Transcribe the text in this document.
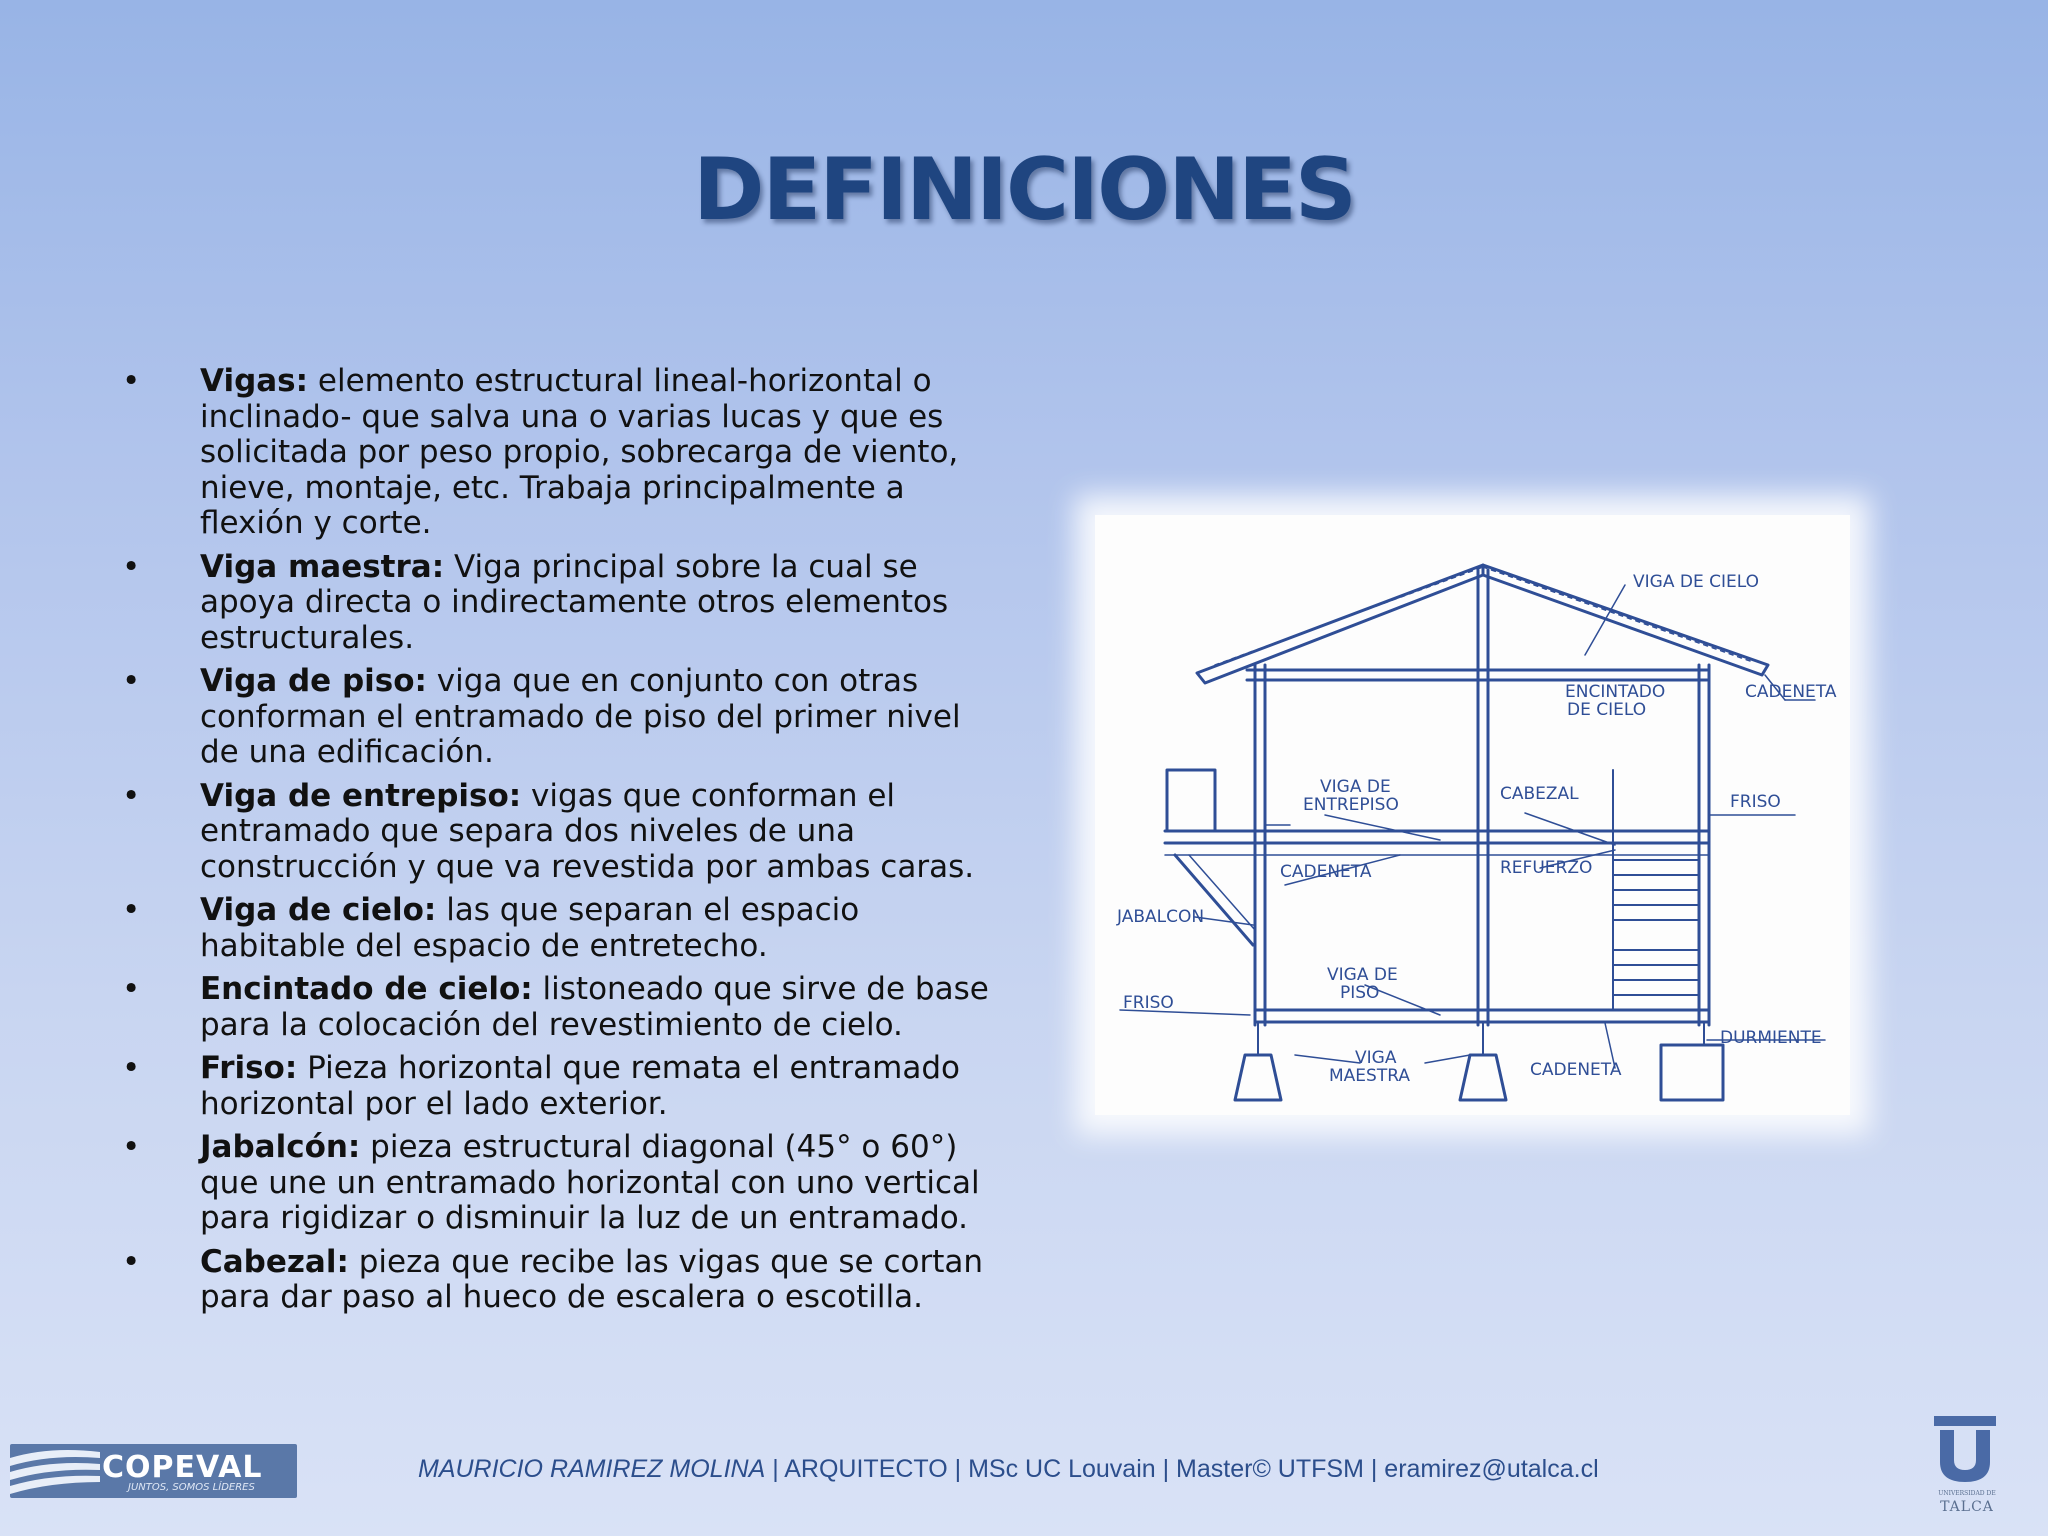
DEFINICIONES
• Vigas: elemento estructural lineal-horizontal o inclinado- que salva una o varias lucas y que es solicitada por peso propio, sobrecarga de viento, nieve, montaje, etc. Trabaja principalmente a flexión y corte.
• Viga maestra: Viga principal sobre la cual se apoya directa o indirectamente otros elementos estructurales.
• Viga de piso: viga que en conjunto con otras conforman el entramado de piso del primer nivel de una edificación.
• Viga de entrepiso: vigas que conforman el entramado que separa dos niveles de una construcción y que va revestida por ambas caras.
• Viga de cielo: las que separan el espacio habitable del espacio de entretecho.
• Encintado de cielo: listoneado que sirve de base para la colocación del revestimiento de cielo.
• Friso: Pieza horizontal que remata el entramado horizontal por el lado exterior.
• Jabalcón: pieza estructural diagonal (45° o 60°) que une un entramado horizontal con uno vertical para rigidizar o disminuir la luz de un entramado.
• Cabezal: pieza que recibe las vigas que se cortan para dar paso al hueco de escalera o escotilla.
VIGA DE CIELO
ENCINTADO
DE CIELO
CADENETA
VIGA DE
ENTREPISO
CABEZAL	FRISO
CADENETA	REFUERZO
JABALCON
VIGA DE
PISO
FRISO
DURMIENTE
VIGA
MAESTRA	CADENETA
COPEVAL
JUNTOS, SOMOS LÍDERES
MAURICIO RAMIREZ MOLINA | ARQUITECTO | MSc UC Louvain | Master© UTFSM | eramirez@utalca.cl
UNIVERSIDAD DE
TALCA
